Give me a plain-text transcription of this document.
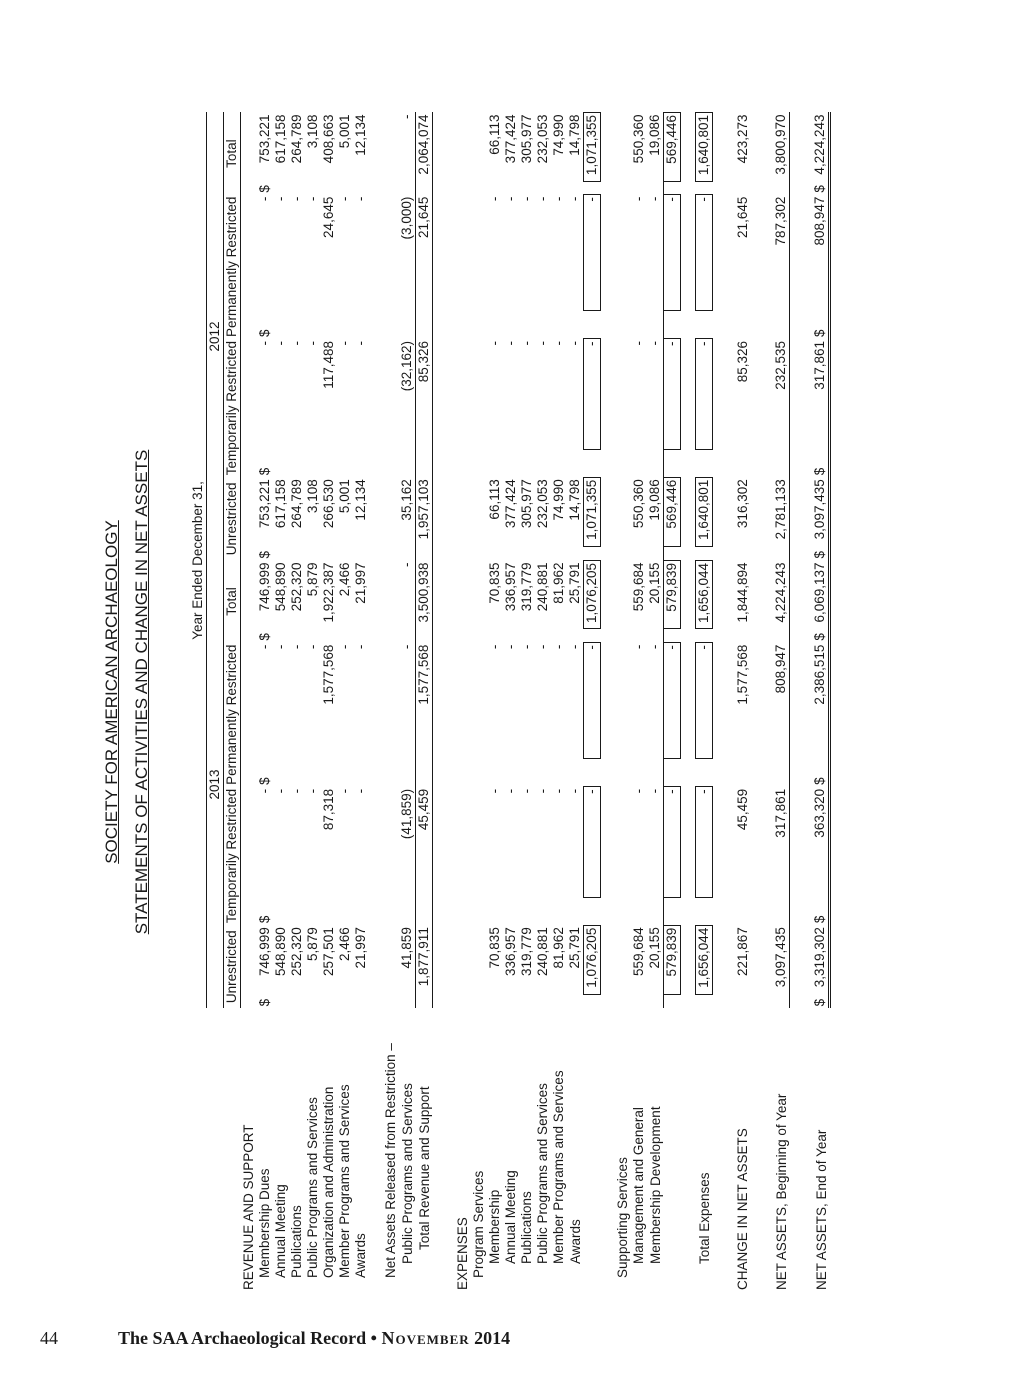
SOCIETY FOR AMERICAN ARCHAEOLOGY STATEMENTS OF ACTIVITIES AND CHANGE IN NET ASSETS
		Year Ended December 31,															
	2013								2012							
	Unrestricted		Temporarily Restricted		Permanently Restricted		Total		Unrestricted		Temporarily Restricted		Permanently Restricted		Total	
REVENUE AND SUPPORT																
Membership Dues	$	746,999	$	-	$	-	$	746,999	$	753,221	$	-	$	-	$	753,221
Annual Meeting		548,890		-		-		548,890		617,158		-		-		617,158
Publications		252,320		-		-		252,320		264,789		-		-		264,789
Public Programs and Services		5,879		-		-		5,879		3,108		-		-		3,108
Organization and Administration		257,501		87,318		1,577,568		1,922,387		266,530		117,488		24,645		408,663
Member Programs and Services		2,466		-		-		2,466		5,001		-		-		5,001
Awards		21,997		-		-		21,997		12,134		-		-		12,134

Net Assets Released from Restriction –																
Public Programs and Services		41,859		(41,859)		-		-		35,162		(32,162)		(3,000)		-
Total Revenue and Support		1,877,911		45,459		1,577,568		3,500,938		1,957,103		85,326		21,645		2,064,074

EXPENSES																
Program Services																
Membership		70,835		-		-		70,835		66,113		-		-		66,113
Annual Meeting		336,957		-		-		336,957		377,424		-		-		377,424
Publications		319,779		-		-		319,779		305,977		-		-		305,977
Public Programs and Services		240,881		-		-		240,881		232,053		-		-		232,053
Member Programs and Services		81,962		-		-		81,962		74,990		-		-		74,990
Awards		25,791		-		-		25,791		14,798		-		-		14,798
		1,076,205		-		-		1,076,205		1,071,355		-		-		1,071,355

Supporting Services																
Management and General		559,684		-		-		559,684		550,360		-		-		550,360
Membership Development		20,155		-		-		20,155		19,086		-		-		19,086
		579,839		-		-		579,839		569,446		-		-		569,446

Total Expenses		1,656,044		-		-		1,656,044		1,640,801		-		-		1,640,801

CHANGE IN NET ASSETS		221,867		45,459		1,577,568		1,844,894		316,302		85,326		21,645		423,273

NET ASSETS, Beginning of Year		3,097,435		317,861		808,947		4,224,243		2,781,133		232,535		787,302		3,800,970

NET ASSETS, End of Year	$	3,319,302	$	363,320	$	2,386,515	$	6,069,137	$	3,097,435	$	317,861	$	808,947	$	4,224,243
44	The SAA Archaeological Record • November 2014
